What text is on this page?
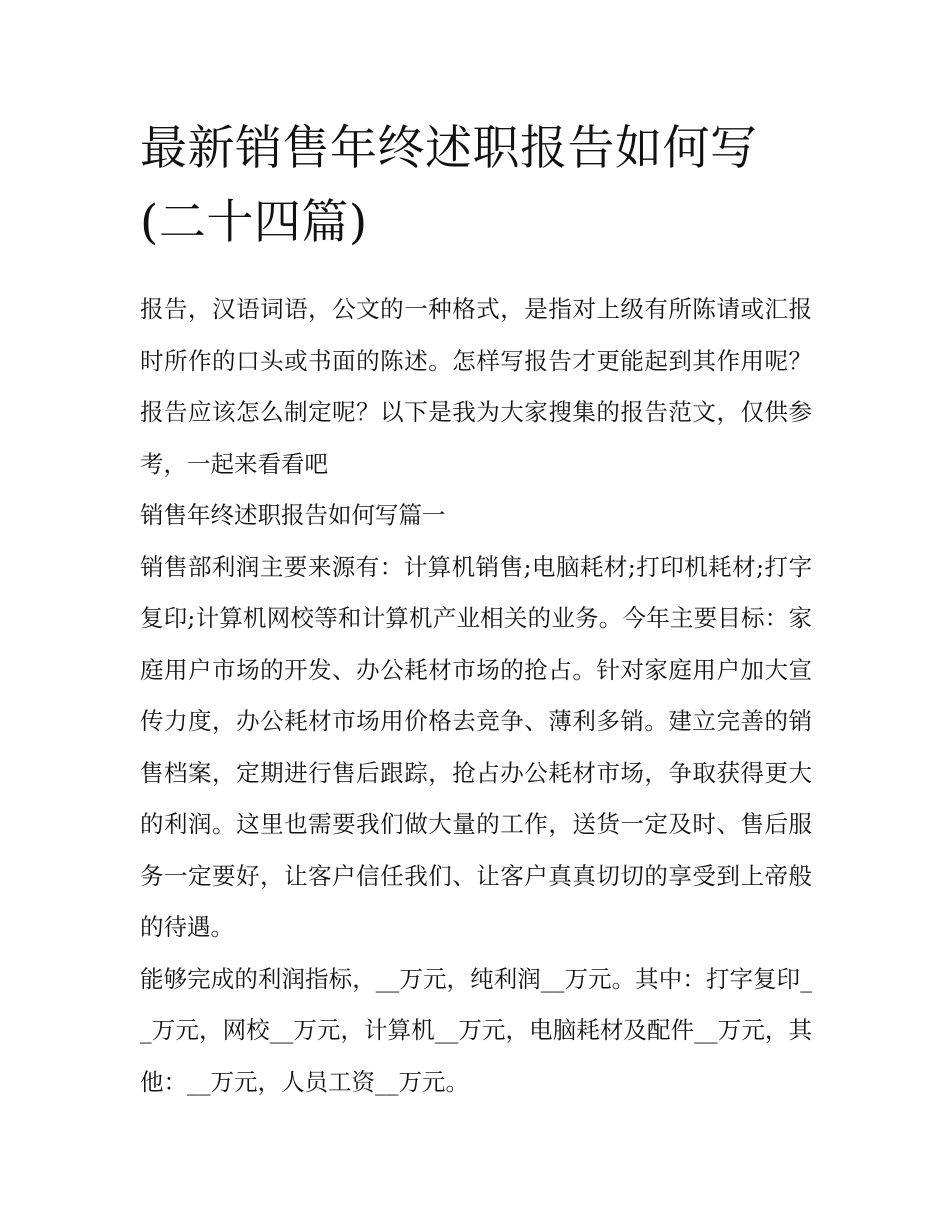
最新销售年终述职报告如何写(二十四篇)

报告，汉语词语，公文的一种格式，是指对上级有所陈请或汇报时所作的口头或书面的陈述。怎样写报告才更能起到其作用呢？报告应该怎么制定呢？以下是我为大家搜集的报告范文，仅供参考，一起来看看吧

销售年终述职报告如何写篇一

销售部利润主要来源有：计算机销售;电脑耗材;打印机耗材;打字复印;计算机网校等和计算机产业相关的业务。今年主要目标：家庭用户市场的开发、办公耗材市场的抢占。针对家庭用户加大宣传力度，办公耗材市场用价格去竞争、薄利多销。建立完善的销售档案，定期进行售后跟踪，抢占办公耗材市场，争取获得更大的利润。这里也需要我们做大量的工作，送货一定及时、售后服务一定要好，让客户信任我们、让客户真真切切的享受到上帝般的待遇。

能够完成的利润指标，__万元，纯利润__万元。其中：打字复印__万元，网校__万元，计算机__万元，电脑耗材及配件__万元，其他：__万元，人员工资__万元。
